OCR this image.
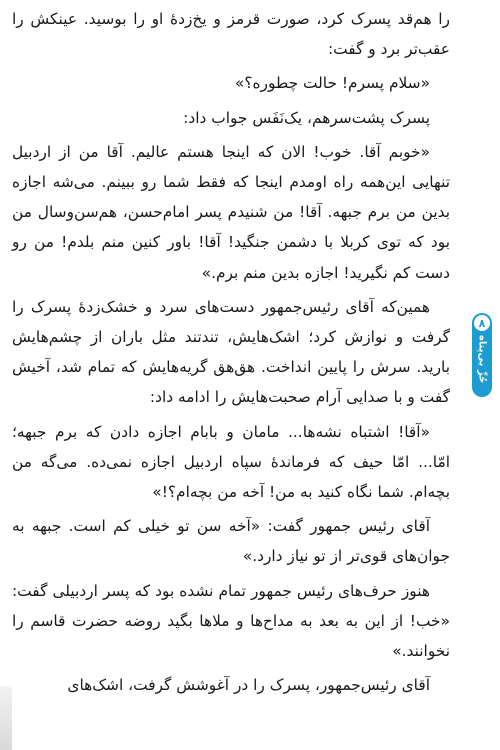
را هم‌قد پسرک کرد، صورت قرمز و یخ‌زدهٔ او را بوسید. عینکش را عقب‌تر برد و گفت:

«سلام پسرم! حالت چطوره؟»

پسرک پشت‌سرهم، یک‌نَفَس جواب داد:

«خوبم آقا. خوب! الان که اینجا هستم عالیم. آقا من از اردبیل تنهایی این‌همه راه اومدم اینجا که فقط شما رو ببینم. می‌شه اجازه بدین من برم جبهه. آقا! من شنیدم پسر امام‌حسن، هم‌سن‌وسال من بود که توی کربلا با دشمن جنگید! آقا! باور کنین منم بلدم! من رو دست کم نگیرید! اجازه بدین منم برم.»

همین‌که آقای رئیس‌جمهور دست‌های سرد و خشک‌زدهٔ پسرک را گرفت و نوازش کرد؛ اشک‌هایش، تندتند مثل باران از چشم‌هایش بارید. سرش را پایین انداخت. هق‌هق گریه‌هایش که تمام شد، آخیش گفت و با صدایی آرام صحبت‌هایش را ادامه داد:

«آقا! اشتباه نشه‌ها... مامان و بابام اجازه دادن که برم جبهه؛ امّا... امّا حیف که فرماندهٔ سپاه اردبیل اجازه نمی‌ده. می‌گه من بچه‌ام. شما نگاه کنید به من! آخه من بچه‌ام؟!»

آقای رئیس جمهور گفت: «آخه سن تو خیلی کم است. جبهه به جوان‌های قوی‌تر از تو نیاز دارد.»

هنوز حرف‌های رئیس جمهور تمام نشده بود که پسر اردبیلی گفت: «خب! از این به بعد به مداح‌ها و ملاها بگید روضه حضرت قاسم را نخوانند.»

آقای رئیس‌جمهور، پسرک را در آغوشش گرفت، اشک‌های

۸
حُرِّ بی‌پناه
